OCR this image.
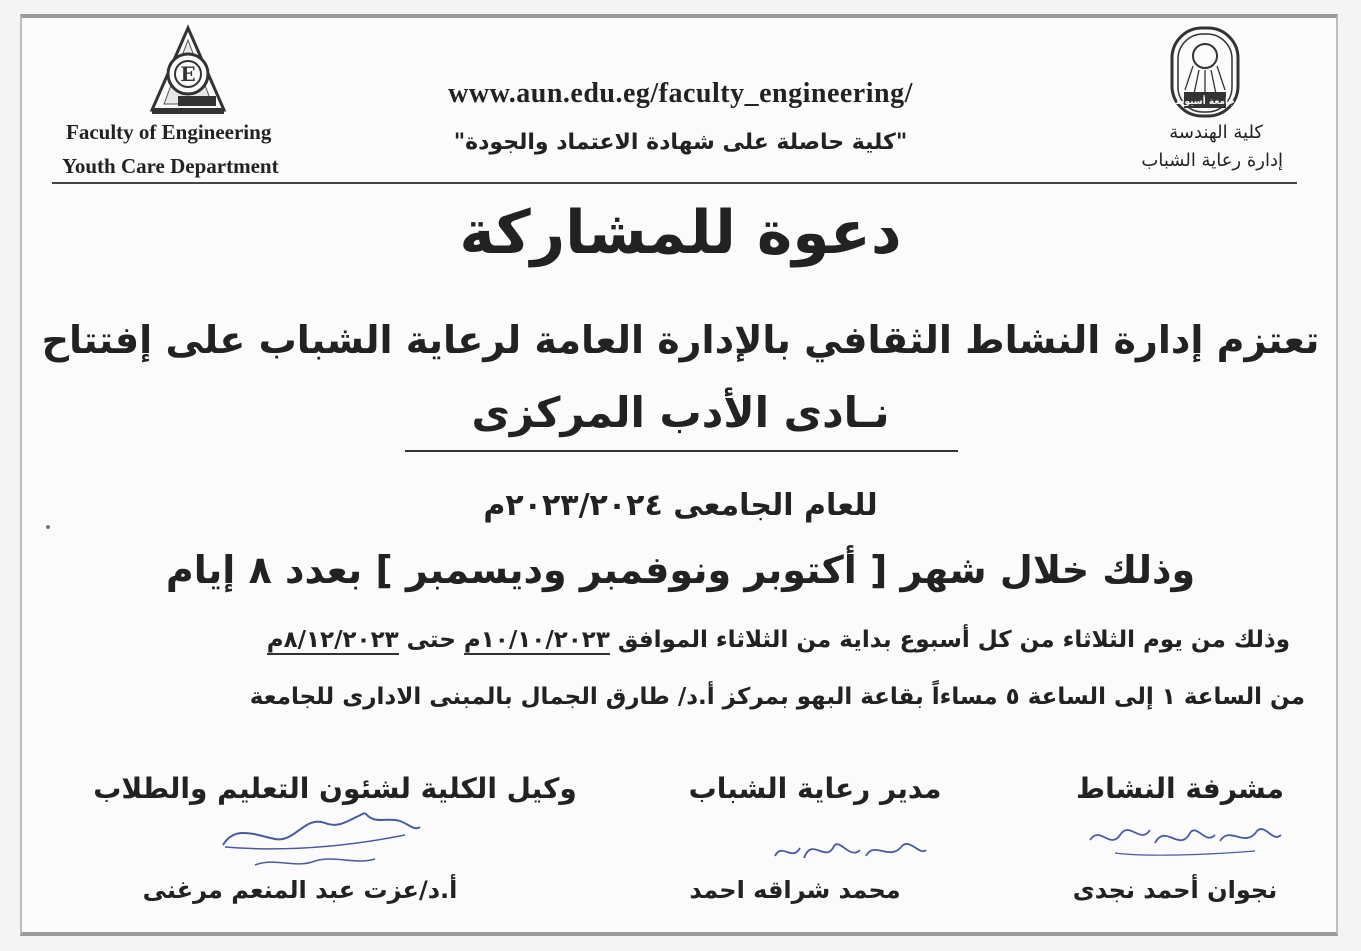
جامعة أسيوط
كلية الهندسة
إدارة رعاية الشباب
E
Faculty of Engineering
Youth Care Department
www.aun.edu.eg/faculty_engineering/
"كلية حاصلة على شهادة الاعتماد والجودة"
دعوة للمشاركة
تعتزم إدارة النشاط الثقافي بالإدارة العامة لرعاية الشباب على إفتتاح
نـادى الأدب المركزى
للعام الجامعى ٢٠٢٣/٢٠٢٤م
وذلك خلال شهر [ أكتوبر ونوفمبر وديسمبر ] بعدد ٨ إيام
وذلك من يوم الثلاثاء من كل أسبوع بداية من الثلاثاء الموافق ١٠/١٠/٢٠٢٣م حتى ٨/١٢/٢٠٢٣م
من الساعة ١ إلى الساعة ٥ مساءاً بقاعة البهو بمركز أ.د/ طارق الجمال بالمبنى الادارى للجامعة
مشرفة النشاط
مدير رعاية الشباب
وكيل الكلية لشئون التعليم والطلاب
نجوان أحمد نجدى
محمد شراقه احمد
أ.د/عزت عبد المنعم مرغنى
